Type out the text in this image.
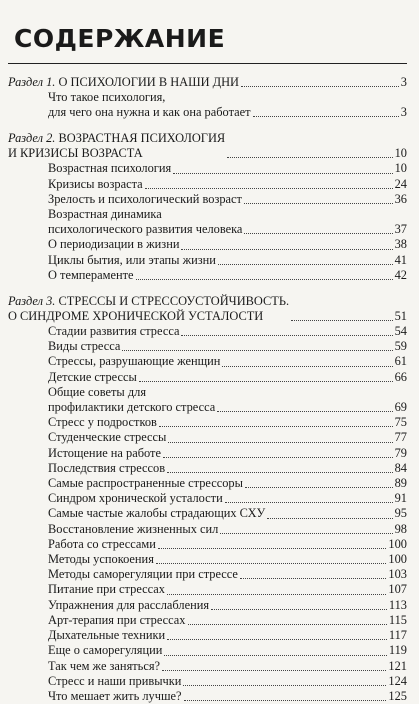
СОДЕРЖАНИЕ
Раздел 1. О ПСИХОЛОГИИ В НАШИ ДНИ	3
Что такое психология,
для чего она нужна и как она работает	3
Раздел 2. ВОЗРАСТНАЯ ПСИХОЛОГИЯ
И КРИЗИСЫ ВОЗРАСТА	10
Возрастная психология	10
Кризисы возраста	24
Зрелость и психологический возраст	36
Возрастная динамика
психологического развития человека	37
О периодизации в жизни	38
Циклы бытия, или этапы жизни	41
О темпераменте	42
Раздел 3. СТРЕССЫ И СТРЕССОУСТОЙЧИВОСТЬ.
О СИНДРОМЕ ХРОНИЧЕСКОЙ УСТАЛОСТИ	51
Стадии развития стресса	54
Виды стресса	59
Стрессы, разрушающие женщин	61
Детские стрессы	66
Общие советы для
профилактики детского стресса	69
Стресс у подростков	75
Студенческие стрессы	77
Истощение на работе	79
Последствия стрессов	84
Самые распространенные стрессоры	89
Синдром хронической усталости	91
Самые частые жалобы страдающих СХУ	95
Восстановление жизненных сил	98
Работа со стрессами	100
Методы успокоения	100
Методы саморегуляции при стрессе	103
Питание при стрессах	107
Упражнения для расслабления	113
Арт-терапия при стрессах	115
Дыхательные техники	117
Еще о саморегуляции	119
Так чем же заняться?	121
Стресс и наши привычки	124
Что мешает жить лучше?	125
